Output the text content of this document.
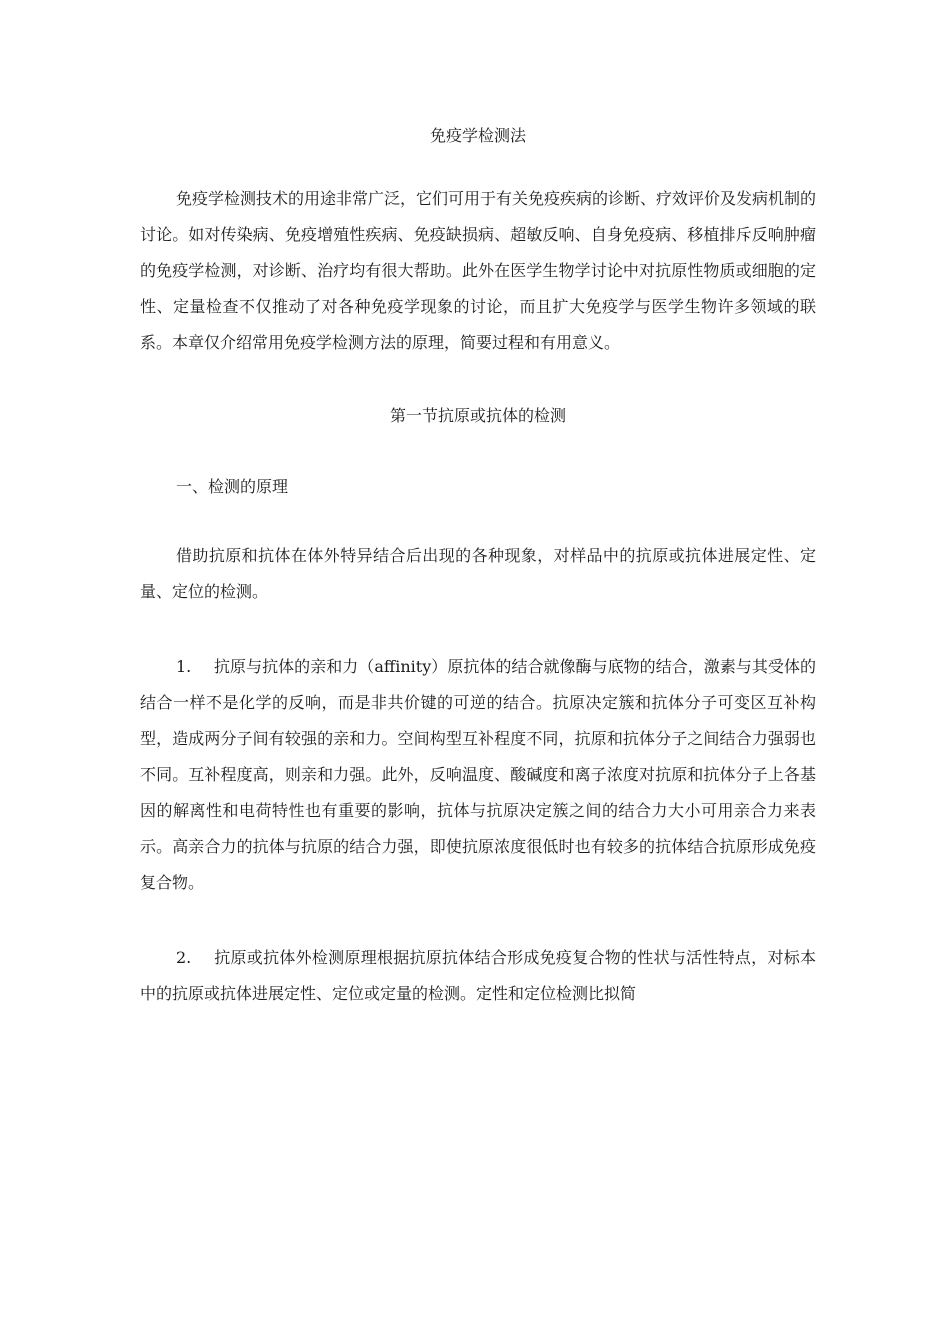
免疫学检测法

免疫学检测技术的用途非常广泛，它们可用于有关免疫疾病的诊断、疗效评价及发病机制的讨论。如对传染病、免疫增殖性疾病、免疫缺损病、超敏反响、自身免疫病、移植排斥反响肿瘤的免疫学检测，对诊断、治疗均有很大帮助。此外在医学生物学讨论中对抗原性物质或细胞的定性、定量检查不仅推动了对各种免疫学现象的讨论，而且扩大免疫学与医学生物许多领域的联系。本章仅介绍常用免疫学检测方法的原理，简要过程和有用意义。

第一节抗原或抗体的检测
一、检测的原理

借助抗原和抗体在体外特异结合后出现的各种现象，对样品中的抗原或抗体进展定性、定量、定位的检测。

1. 抗原与抗体的亲和力（affinity）原抗体的结合就像酶与底物的结合，激素与其受体的结合一样不是化学的反响，而是非共价键的可逆的结合。抗原决定簇和抗体分子可变区互补构型，造成两分子间有较强的亲和力。空间构型互补程度不同，抗原和抗体分子之间结合力强弱也不同。互补程度高，则亲和力强。此外，反响温度、酸碱度和离子浓度对抗原和抗体分子上各基因的解离性和电荷特性也有重要的影响，抗体与抗原决定簇之间的结合力大小可用亲合力来表示。高亲合力的抗体与抗原的结合力强，即使抗原浓度很低时也有较多的抗体结合抗原形成免疫复合物。

2. 抗原或抗体外检测原理根据抗原抗体结合形成免疫复合物的性状与活性特点，对标本中的抗原或抗体进展定性、定位或定量的检测。定性和定位检测比拟简
